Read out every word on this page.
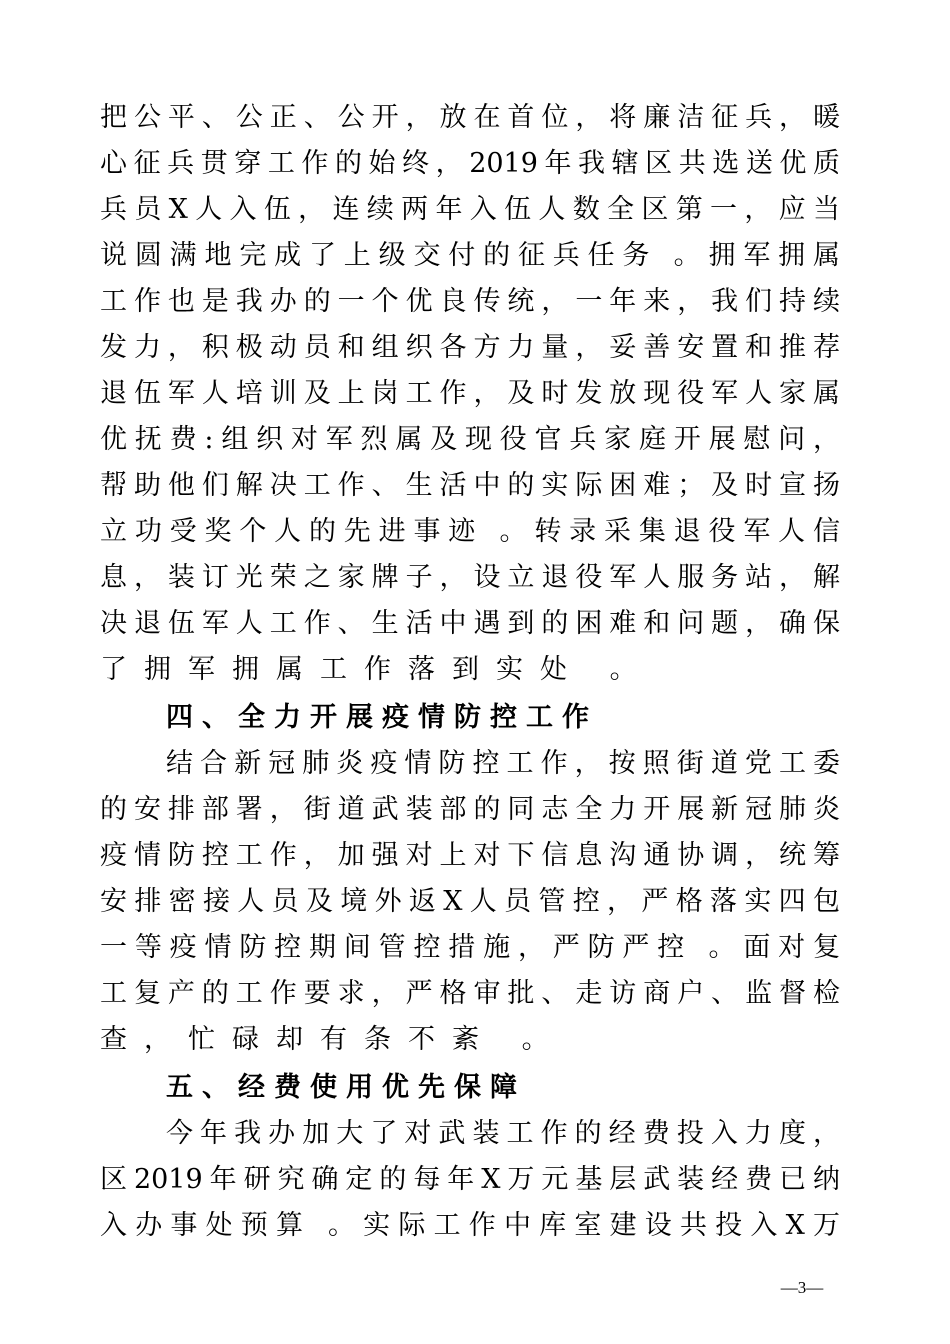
把公平、公正、公开，放在首位，将廉洁征兵，暖
心征兵贯穿工作的始终，2019年我辖区共选送优质
兵员X人入伍，连续两年入伍人数全区第一，应当
说圆满地完成了上级交付的征兵任务 。拥军拥属
工作也是我办的一个优良传统，一年来，我们持续
发力，积极动员和组织各方力量，妥善安置和推荐
退伍军人培训及上岗工作，及时发放现役军人家属
优抚费:组织对军烈属及现役官兵家庭开展慰问，
帮助他们解决工作、生活中的实际困难；及时宣扬
立功受奖个人的先进事迹 。转录采集退役军人信
息，装订光荣之家牌子，设立退役军人服务站，解
决退伍军人工作、生活中遇到的困难和问题，确保
了拥军拥属工作落到实处 。
四、全力开展疫情防控工作
结合新冠肺炎疫情防控工作，按照街道党工委
的安排部署，街道武装部的同志全力开展新冠肺炎
疫情防控工作，加强对上对下信息沟通协调，统筹
安排密接人员及境外返X人员管控，严格落实四包
一等疫情防控期间管控措施，严防严控 。面对复
工复产的工作要求，严格审批、走访商户、监督检
查，忙碌却有条不紊 。
五、经费使用优先保障
今年我办加大了对武装工作的经费投入力度，
区2019年研究确定的每年X万元基层武装经费已纳
入办事处预算 。实际工作中库室建设共投入X万
—3—
